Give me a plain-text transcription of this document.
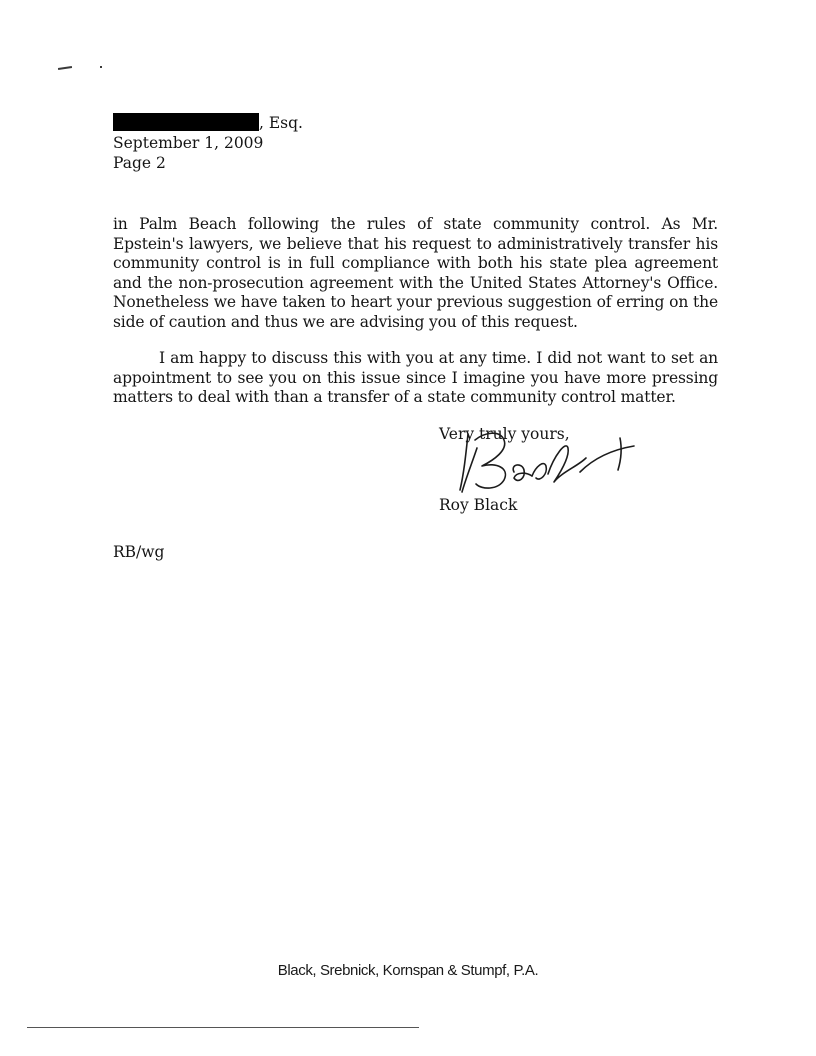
, Esq.
September 1, 2009
Page 2

in Palm Beach following the rules of state community control. As Mr. Epstein's lawyers, we believe that his request to administratively transfer his community control is in full compliance with both his state plea agreement and the non-prosecution agreement with the United States Attorney's Office. Nonetheless we have taken to heart your previous suggestion of erring on the side of caution and thus we are advising you of this request.

I am happy to discuss this with you at any time. I did not want to set an appointment to see you on this issue since I imagine you have more pressing matters to deal with than a transfer of a state community control matter.

Very truly yours,
Roy Black
RB/wg
Black, Srebnick, Kornspan & Stumpf, P.A.
